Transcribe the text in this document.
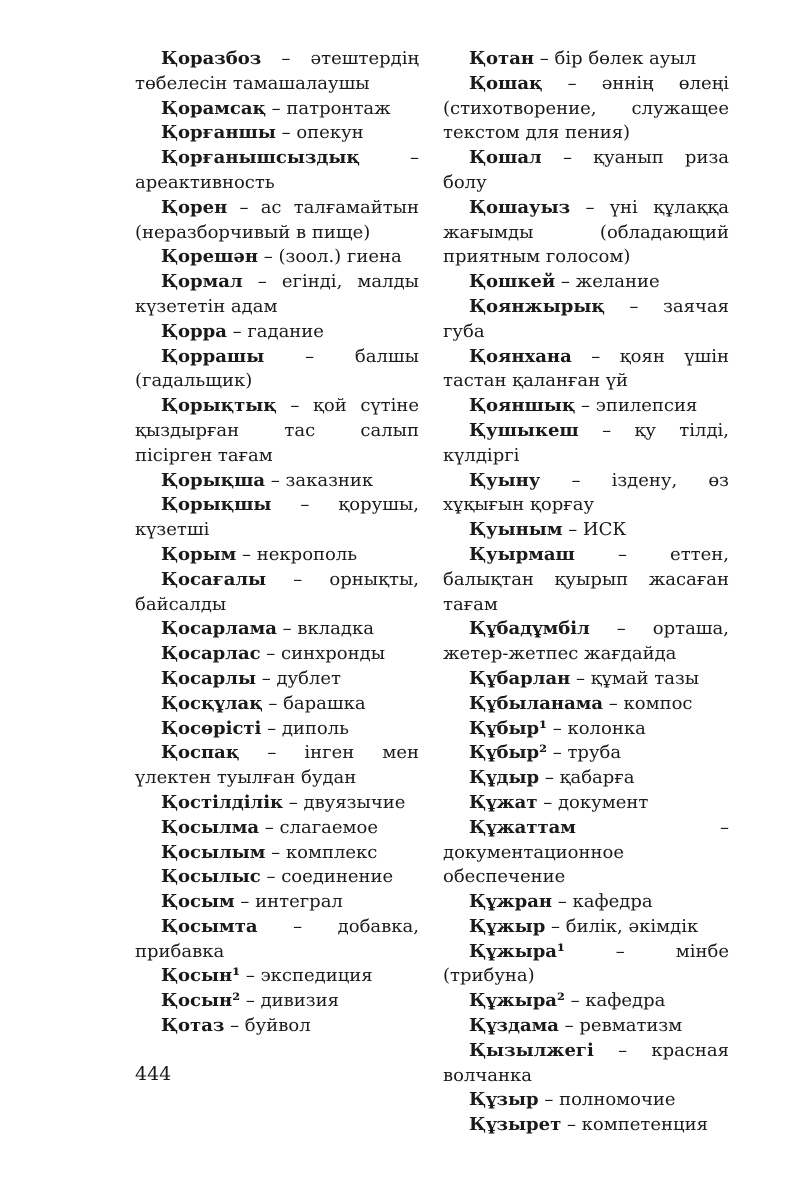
Қоразбоз – әтештердің төбелесін тамашалаушы

Қорамсақ – патронтаж

Қорғаншы – опекун

Қорғанышсыздық – ареактивность

Қорен – ас талғамайтын (неразборчивый в пище)

Қорешән – (зоол.) гиена

Қормал – егінді, малды күзететін адам

Қорра – гадание

Қоррашы – балшы (гадальщик)

Қорықтық – қой сүтіне қыздырған тас салып пісірген тағам

Қорықша – заказник

Қорықшы – қорушы, күзетші

Қорым – некрополь

Қосағалы – орнықты, байсалды

Қосарлама – вкладка

Қосарлас – синхронды

Қосарлы – дублет

Қосқұлақ – барашка

Қосөрісті – диполь

Қоспақ – інген мен үлектен туылған будан

Қостілділік – двуязычие

Қосылма – слагаемое

Қосылым – комплекс

Қосылыс – соединение

Қосым – интеграл

Қосымта – добавка, прибавка

Қосын¹ – экспедиция

Қосын² – дивизия

Қотаз – буйвол

Қотан – бір бөлек ауыл

Қошақ – әннің өлеңі (стихотворение, служащее текстом для пения)

Қошал – қуанып риза болу

Қошауыз – үні құлаққа жағымды (обладающий приятным голосом)

Қошкей – желание

Қоянжырық – заячая губа

Қоянхана – қоян үшін тастан қаланған үй

Қояншық – эпилепсия

Қушыкеш – қу тілді, күлдіргі

Қуыну – іздену, өз хұқығын қорғау

Қуыным – ИСК

Қуырмаш – еттен, балықтан қуырып жасаған тағам

Құбадұмбіл – орташа, жетер-жетпес жағдайда

Құбарлан – құмай тазы

Құбыланама – компос

Құбыр¹ – колонка

Құбыр² – труба

Құдыр – қабарға

Құжат – документ

Құжаттам – документационное обеспечение

Құжран – кафедра

Құжыр – билік, әкімдік

Құжыра¹ – мінбе (трибуна)

Құжыра² – кафедра

Құздама – ревматизм

Қызылжегі – красная волчанка

Құзыр – полномочие

Құзырет – компетенция

444
